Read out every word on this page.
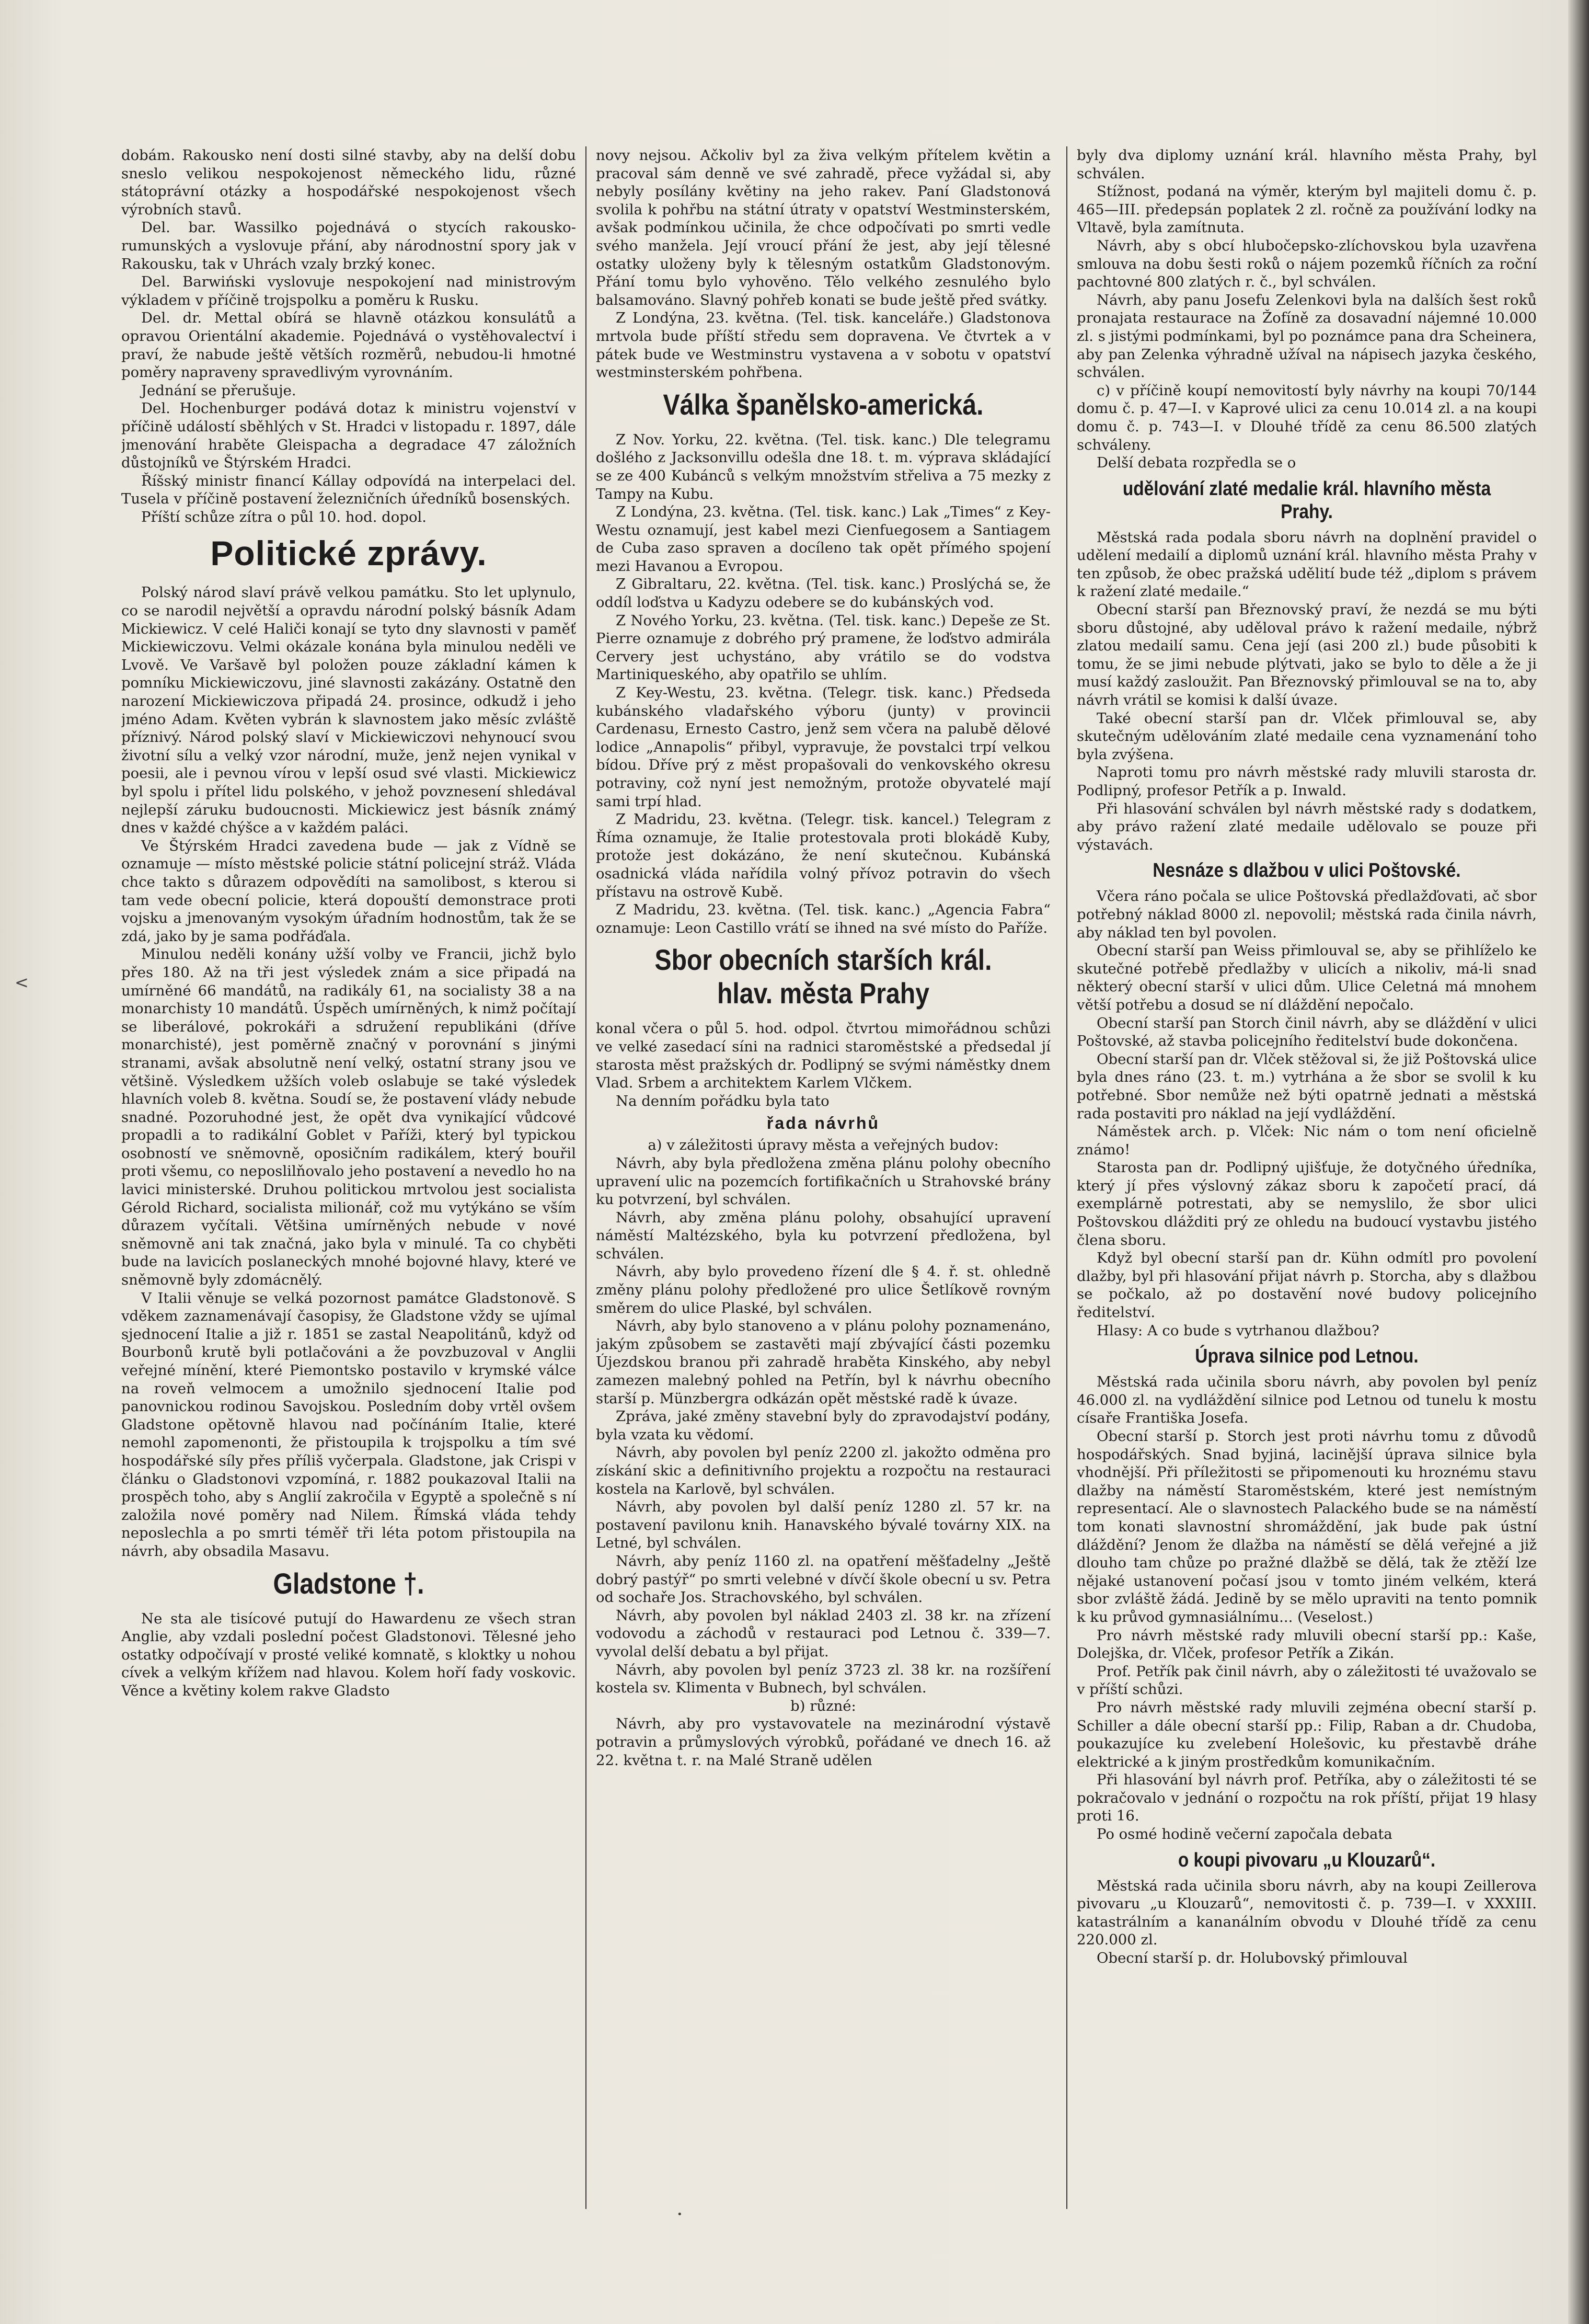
dobám. Rakousko není dosti silné stavby, aby na delší dobu sneslo velikou nespokojenost německého lidu, různé státoprávní otázky a hospodářské nespokojenost všech výrobních stavů.

Del. bar. Wassilko pojednává o stycích rakousko-rumunských a vyslovuje přání, aby národnostní spory jak v Rakousku, tak v Uhrách vzaly brzký konec.

Del. Barwiński vyslovuje nespokojení nad ministrovým výkladem v příčině trojspolku a poměru k Rusku.

Del. dr. Mettal obírá se hlavně otázkou konsulátů a opravou Orientální akademie. Pojednává o vystěhovalectví i praví, že nabude ještě větších rozměrů, nebudou-li hmotné poměry napraveny spravedlivým vyrovnáním.

Jednání se přerušuje.

Del. Hochenburger podává dotaz k ministru vojenství v příčině událostí sběhlých v St. Hradci v listopadu r. 1897, dále jmenování hraběte Gleispacha a degradace 47 záložních důstojníků ve Štýrském Hradci.

Říšský ministr financí Kállay odpovídá na interpelaci del. Tusela v příčině postavení železničních úředníků bosenských.

Příští schůze zítra o půl 10. hod. dopol.

Politické zprávy.

Polský národ slaví právě velkou památku. Sto let uplynulo, co se narodil největší a opravdu národní polský básník Adam Mickiewicz. V celé Haliči konají se tyto dny slavnosti v paměť Mickiewiczovu. Velmi okázale konána byla minulou neděli ve Lvově. Ve Varšavě byl položen pouze základní kámen k pomníku Mickiewiczovu, jiné slavnosti zakázány. Ostatně den narození Mickiewiczova připadá 24. prosince, odkudž i jeho jméno Adam. Květen vybrán k slavnostem jako měsíc zvláště příznivý. Národ polský slaví v Mickiewiczovi nehynoucí svou životní sílu a velký vzor národní, muže, jenž nejen vynikal v poesii, ale i pevnou vírou v lepší osud své vlasti. Mickiewicz byl spolu i přítel lidu polského, v jehož povznesení shledával nejlepší záruku budoucnosti. Mickiewicz jest básník známý dnes v každé chýšce a v každém paláci.

Ve Štýrském Hradci zavedena bude — jak z Vídně se oznamuje — místo městské policie státní policejní stráž. Vláda chce takto s důrazem odpovědíti na samolibost, s kterou si tam vede obecní policie, která dopouští demonstrace proti vojsku a jmenovaným vysokým úřadním hodnostům, tak že se zdá, jako by je sama podřáďala.

Minulou neděli konány užší volby ve Francii, jichž bylo přes 180. Až na tři jest výsledek znám a sice připadá na umírněné 66 mandátů, na radikály 61, na socialisty 38 a na monarchisty 10 mandátů. Úspěch umírněných, k nimž počítají se liberálové, pokrokáři a sdružení republikáni (dříve monarchisté), jest poměrně značný v porovnání s jinými stranami, avšak absolutně není velký, ostatní strany jsou ve většině. Výsledkem užších voleb oslabuje se také výsledek hlavních voleb 8. května. Soudí se, že postavení vlády nebude snadné. Pozoruhodné jest, že opět dva vynikající vůdcové propadli a to radikální Goblet v Paříži, který byl typickou osobností ve sněmovně, oposičním radikálem, který bouřil proti všemu, co neposlilňovalo jeho postavení a nevedlo ho na lavici ministerské. Druhou politickou mrtvolou jest socialista Gérold Richard, socialista milionář, což mu vytýkáno se vším důrazem vyčítali. Většina umírněných nebude v nové sněmovně ani tak značná, jako byla v minulé. Ta co chyběti bude na lavicích poslaneckých mnohé bojovné hlavy, které ve sněmovně byly zdomácnělý.

V Italii věnuje se velká pozornost památce Gladstonově. S vděkem zaznamenávají časopisy, že Gladstone vždy se ujímal sjednocení Italie a již r. 1851 se zastal Neapolitánů, když od Bourbonů krutě byli potlačováni a že povzbuzoval v Anglii veřejné mínění, které Piemontsko postavilo v krymské válce na roveň velmocem a umožnilo sjednocení Italie pod panovnickou rodinou Savojskou. Posledním doby vrtěl ovšem Gladstone opětovně hlavou nad počínáním Italie, které nemohl zapomenonti, že přistoupila k trojspolku a tím své hospodářské síly přes příliš vyčerpala. Gladstone, jak Crispi v článku o Gladstonovi vzpomíná, r. 1882 poukazoval Italii na prospěch toho, aby s Anglií zakročila v Egyptě a společně s ní založila nové poměry nad Nilem. Římská vláda tehdy neposlechla a po smrti téměř tři léta potom přistoupila na návrh, aby obsadila Masavu.

Gladstone †.

Ne sta ale tisícové putují do Hawardenu ze všech stran Anglie, aby vzdali poslední počest Gladstonovi. Tělesné jeho ostatky odpočívají v prosté veliké komnatě, s kloktky u nohou cívek a velkým křížem nad hlavou. Kolem hoří fady voskovic. Věnce a květiny kolem rakve Gladsto

novy nejsou. Ačkoliv byl za živa velkým přítelem květin a pracoval sám denně ve své zahradě, přece vyžádal si, aby nebyly posílány květiny na jeho rakev. Paní Gladstonová svolila k pohřbu na státní útraty v opatství Westminsterském, avšak podmínkou učinila, že chce odpočívati po smrti vedle svého manžela. Její vroucí přání že jest, aby její tělesné ostatky uloženy byly k tělesným ostatkům Gladstonovým. Přání tomu bylo vyhověno. Tělo velkého zesnulého bylo balsamováno. Slavný pohřeb konati se bude ještě před svátky.

Z Londýna, 23. května. (Tel. tisk. kanceláře.) Gladstonova mrtvola bude příští středu sem dopravena. Ve čtvrtek a v pátek bude ve Westminstru vystavena a v sobotu v opatství westminsterském pohřbena.

Válka španělsko-americká.

Z Nov. Yorku, 22. května. (Tel. tisk. kanc.) Dle telegramu došlého z Jacksonvillu odešla dne 18. t. m. výprava skládající se ze 400 Kubánců s velkým množstvím střeliva a 75 mezky z Tampy na Kubu.

Z Londýna, 23. května. (Tel. tisk. kanc.) Lak „Times“ z Key-Westu oznamují, jest kabel mezi Cienfuegosem a Santiagem de Cuba zaso spraven a docíleno tak opět přímého spojení mezi Havanou a Evropou.

Z Gibraltaru, 22. května. (Tel. tisk. kanc.) Proslýchá se, že oddíl loďstva u Kadyzu odebere se do kubánských vod.

Z Nového Yorku, 23. května. (Tel. tisk. kanc.) Depeše ze St. Pierre oznamuje z dobrého prý pramene, že loďstvo admirála Cervery jest uchystáno, aby vrátilo se do vodstva Martiniqueského, aby opatřilo se uhlím.

Z Key-Westu, 23. května. (Telegr. tisk. kanc.) Předseda kubánského vladařského výboru (junty) v provincii Cardenasu, Ernesto Castro, jenž sem včera na palubě dělové lodice „Annapolis“ přibyl, vypravuje, že povstalci trpí velkou bídou. Dříve prý z měst propašovali do venkovského okresu potraviny, což nyní jest nemožným, protože obyvatelé mají sami trpí hlad.

Z Madridu, 23. května. (Telegr. tisk. kancel.) Telegram z Říma oznamuje, že Italie protestovala proti blokádě Kuby, protože jest dokázáno, že není skutečnou. Kubánská osadnická vláda nařídila volný přívoz potravin do všech přístavu na ostrově Kubě.

Z Madridu, 23. května. (Tel. tisk. kanc.) „Agencia Fabra“ oznamuje: Leon Castillo vrátí se ihned na své místo do Paříže.

Sbor obecních starších král. hlav. města Prahy

konal včera o půl 5. hod. odpol. čtvrtou mimořádnou schůzi ve velké zasedací síni na radnici staroměstské a předsedal jí starosta měst pražských dr. Podlipný se svými náměstky dnem Vlad. Srbem a architektem Karlem Vlčkem.

Na denním pořádku byla tato

řada návrhů

a) v záležitosti úpravy města a veřejných budov:

Návrh, aby byla předložena změna plánu polohy obecního upravení ulic na pozemcích fortifikačních u Strahovské brány ku potvrzení, byl schválen.

Návrh, aby změna plánu polohy, obsahující upravení náměstí Maltézského, byla ku potvrzení předložena, byl schválen.

Návrh, aby bylo provedeno řízení dle § 4. ř. st. ohledně změny plánu polohy předložené pro ulice Šetlíkově rovným směrem do ulice Plaské, byl schválen.

Návrh, aby bylo stanoveno a v plánu polohy poznamenáno, jakým způsobem se zastavěti mají zbývající části pozemku Újezdskou branou při zahradě hraběta Kinského, aby nebyl zamezen malebný pohled na Petřín, byl k návrhu obecního starší p. Münzbergra odkázán opět městské radě k úvaze.

Zpráva, jaké změny stavební byly do zpravodajství podány, byla vzata ku vědomí.

Návrh, aby povolen byl peníz 2200 zl. jakožto odměna pro získání skic a definitivního projektu a rozpočtu na restauraci kostela na Karlově, byl schválen.

Návrh, aby povolen byl další peníz 1280 zl. 57 kr. na postavení pavilonu knih. Hanavského bývalé továrny XIX. na Letné, byl schválen.

Návrh, aby peníz 1160 zl. na opatření měšťadelny „Ještě dobrý pastýř“ po smrti velebné v dívčí škole obecní u sv. Petra od sochaře Jos. Strachovského, byl schválen.

Návrh, aby povolen byl náklad 2403 zl. 38 kr. na zřízení vodovodu a záchodů v restauraci pod Letnou č. 339—7. vyvolal delší debatu a byl přijat.

Návrh, aby povolen byl peníz 3723 zl. 38 kr. na rozšíření kostela sv. Klimenta v Bubnech, byl schválen.

b) různé:

Návrh, aby pro vystavovatele na mezinárodní výstavě potravin a průmyslových výrobků, pořádané ve dnech 16. až 22. května t. r. na Malé Straně udělen

byly dva diplomy uznání král. hlavního města Prahy, byl schválen.

Stížnost, podaná na výměr, kterým byl majiteli domu č. p. 465—III. předepsán poplatek 2 zl. ročně za používání lodky na Vltavě, byla zamítnuta.

Návrh, aby s obcí hlubočepsko-zlíchovskou byla uzavřena smlouva na dobu šesti roků o nájem pozemků říčních za roční pachtovné 800 zlatých r. č., byl schválen.

Návrh, aby panu Josefu Zelenkovi byla na dalších šest roků pronajata restaurace na Žofíně za dosavadní nájemné 10.000 zl. s jistými podmínkami, byl po poznámce pana dra Scheinera, aby pan Zelenka výhradně užíval na nápisech jazyka českého, schválen.

c) v příčině koupí nemovitostí byly návrhy na koupi 70/144 domu č. p. 47—I. v Kaprové ulici za cenu 10.014 zl. a na koupi domu č. p. 743—I. v Dlouhé třídě za cenu 86.500 zlatých schváleny.

Delší debata rozpředla se o

udělování zlaté medalie král. hlavního města Prahy.

Městská rada podala sboru návrh na doplnění pravidel o udělení medailí a diplomů uznání král. hlavního města Prahy v ten způsob, že obec pražská udělití bude též „diplom s právem k ražení zlaté medaile.“

Obecní starší pan Březnovský praví, že nezdá se mu býti sboru důstojné, aby uděloval právo k ražení medaile, nýbrž zlatou medailí samu. Cena její (asi 200 zl.) bude působiti k tomu, že se jimi nebude plýtvati, jako se bylo to děle a že ji musí každý zasloužit. Pan Březnovský přimlouval se na to, aby návrh vrátil se komisi k další úvaze.

Také obecní starší pan dr. Vlček přimlouval se, aby skutečným udělováním zlaté medaile cena vyznamenání toho byla zvýšena.

Naproti tomu pro návrh městské rady mluvili starosta dr. Podlipný, profesor Petřík a p. Inwald.

Při hlasování schválen byl návrh městské rady s dodatkem, aby právo ražení zlaté medaile udělovalo se pouze při výstavách.

Nesnáze s dlažbou v ulici Poštovské.

Včera ráno počala se ulice Poštovská předlažďovati, ač sbor potřebný náklad 8000 zl. nepovolil; městská rada činila návrh, aby náklad ten byl povolen.

Obecní starší pan Weiss přimlouval se, aby se přihlíželo ke skutečné potřebě předlažby v ulicích a nikoliv, má-li snad některý obecní starší v ulici dům. Ulice Celetná má mnohem větší potřebu a dosud se ní dláždění nepočalo.

Obecní starší pan Storch činil návrh, aby se dláždění v ulici Poštovské, až stavba policejního ředitelství bude dokončena.

Obecní starší pan dr. Vlček stěžoval si, že již Poštovská ulice byla dnes ráno (23. t. m.) vytrhána a že sbor se svolil k ku potřebné. Sbor nemůže než býti opatrně jednati a městská rada postaviti pro náklad na její vydláždění.

Náměstek arch. p. Vlček: Nic nám o tom není oficielně známo!

Starosta pan dr. Podlipný ujišťuje, že dotyčného úředníka, který jí přes výslovný zákaz sboru k započetí prací, dá exemplárně potrestati, aby se nemyslilo, že sbor ulici Poštovskou dlážditi prý ze ohledu na budoucí vystavbu jistého člena sboru.

Když byl obecní starší pan dr. Kühn odmítl pro povolení dlažby, byl při hlasování přijat návrh p. Storcha, aby s dlažbou se počkalo, až po dostavění nové budovy policejního ředitelství.

Hlasy: A co bude s vytrhanou dlažbou?

Úprava silnice pod Letnou.

Městská rada učinila sboru návrh, aby povolen byl peníz 46.000 zl. na vydláždění silnice pod Letnou od tunelu k mostu císaře Františka Josefa.

Obecní starší p. Storch jest proti návrhu tomu z důvodů hospodářských. Snad byjiná, lacinější úprava silnice byla vhodnější. Při příležitosti se připomenouti ku hroznému stavu dlažby na náměstí Staroměstském, které jest nemístným representací. Ale o slavnostech Palackého bude se na náměstí tom konati slavnostní shromáždění, jak bude pak ústní dláždění? Jenom že dlažba na náměstí se dělá veřejné a již dlouho tam chůze po pražné dlažbě se dělá, tak že ztěží lze nějaké ustanovení počasí jsou v tomto jiném velkém, která sbor zvláště žádá. Jedině by se mělo upraviti na tento pomnik k ku průvod gymnasiálnímu... (Veselost.)

Pro návrh městské rady mluvili obecní starší pp.: Kaše, Dolejška, dr. Vlček, profesor Petřík a Zikán.

Prof. Petřík pak činil návrh, aby o záležitosti té uvažovalo se v příští schůzi.

Pro návrh městské rady mluvili zejména obecní starší p. Schiller a dále obecní starší pp.: Filip, Raban a dr. Chudoba, poukazujíce ku zvelebení Holešovic, ku přestavbě dráhe elektrické a k jiným prostředkům komunikačním.

Při hlasování byl návrh prof. Petříka, aby o záležitosti té se pokračovalo v jednání o rozpočtu na rok příští, přijat 19 hlasy proti 16.

Po osmé hodině večerní započala debata

o koupi pivovaru „u Klouzarů“.

Městská rada učinila sboru návrh, aby na koupi Zeillerova pivovaru „u Klouzarů“, nemovitosti č. p. 739—I. v XXXIII. katastrálním a kananálním obvodu v Dlouhé třídě za cenu 220.000 zl.

Obecní starší p. dr. Holubovský přimlouval

<
•
